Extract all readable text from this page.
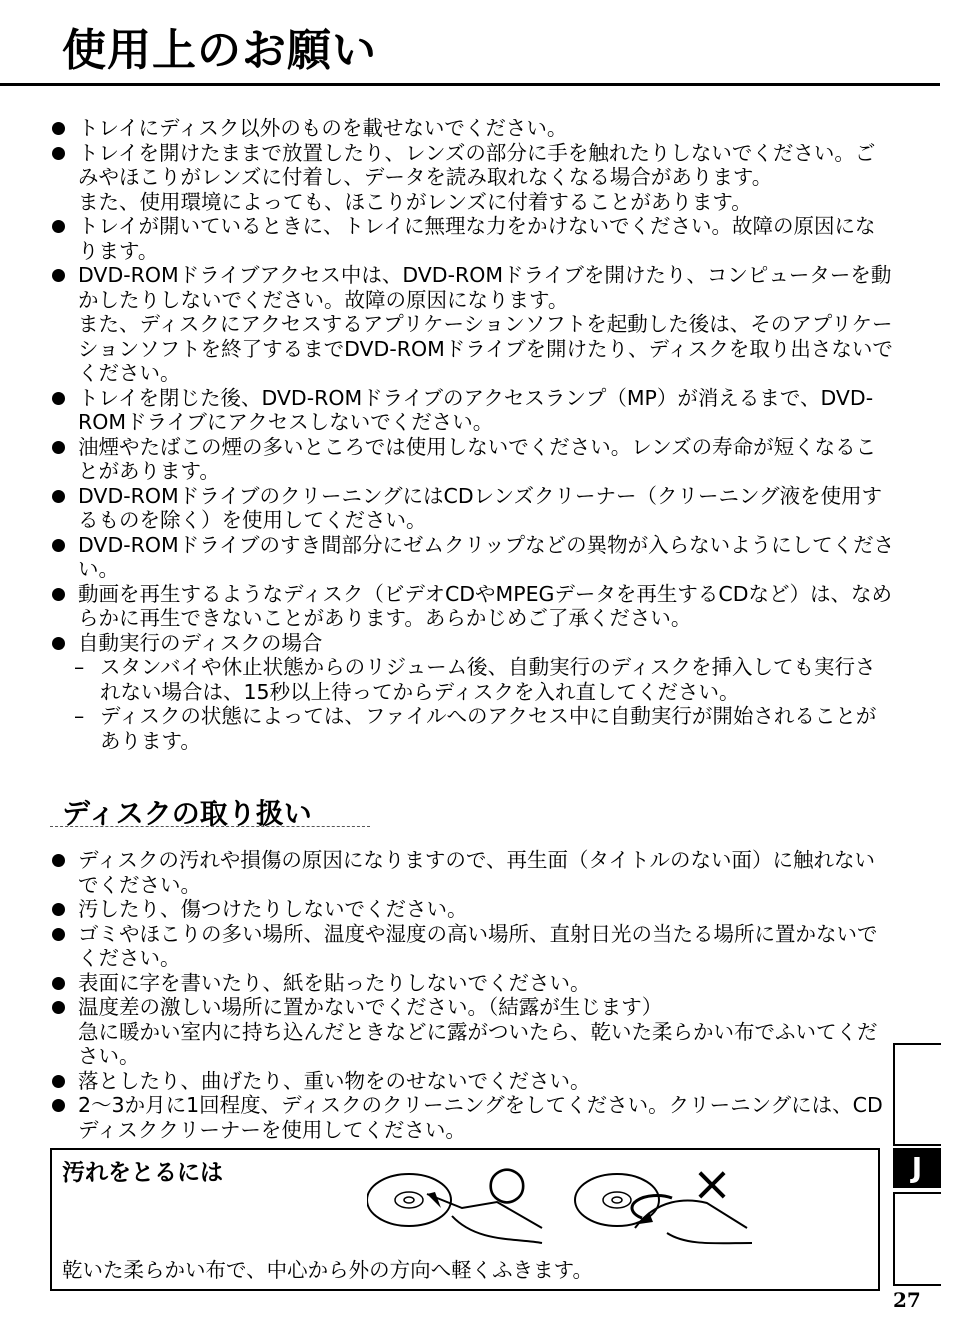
使用上のお願い
トレイにディスク以外のものを載せないでください。
トレイを開けたままで放置したり、レンズの部分に手を触れたりしないでください。ごみやほこりがレンズに付着し、データを読み取れなくなる場合があります。
また、使用環境によっても、ほこりがレンズに付着することがあります。
トレイが開いているときに、トレイに無理な力をかけないでください。故障の原因になります。
DVD-ROMドライブアクセス中は、DVD-ROMドライブを開けたり、コンピューターを動かしたりしないでください。故障の原因になります。
また、ディスクにアクセスするアプリケーションソフトを起動した後は、そのアプリケーションソフトを終了するまでDVD-ROMドライブを開けたり、ディスクを取り出さないでください。
トレイを閉じた後、DVD-ROMドライブのアクセスランプ（MP）が消えるまで、DVD-ROMドライブにアクセスしないでください。
油煙やたばこの煙の多いところでは使用しないでください。レンズの寿命が短くなることがあります。
DVD-ROMドライブのクリーニングにはCDレンズクリーナー（クリーニング液を使用するものを除く）を使用してください。
DVD-ROMドライブのすき間部分にゼムクリップなどの異物が入らないようにしてください。
動画を再生するようなディスク（ビデオCDやMPEGデータを再生するCDなど）は、なめらかに再生できないことがあります。あらかじめご了承ください。
自動実行のディスクの場合
– スタンバイや休止状態からのリジューム後、自動実行のディスクを挿入しても実行されない場合は、15秒以上待ってからディスクを入れ直してください。
– ディスクの状態によっては、ファイルへのアクセス中に自動実行が開始されることがあります。
ディスクの取り扱い
ディスクの汚れや損傷の原因になりますので、再生面（タイトルのない面）に触れないでください。
汚したり、傷つけたりしないでください。
ゴミやほこりの多い場所、温度や湿度の高い場所、直射日光の当たる場所に置かないでください。
表面に字を書いたり、紙を貼ったりしないでください。
温度差の激しい場所に置かないでください。（結露が生じます）
急に暖かい室内に持ち込んだときなどに露がついたら、乾いた柔らかい布でふいてください。
落としたり、曲げたり、重い物をのせないでください。
2～3か月に1回程度、ディスクのクリーニングをしてください。クリーニングには、CDディスククリーナーを使用してください。
汚れをとるには	○	×
乾いた柔らかい布で、中心から外の方向へ軽くふきます。
J
27
